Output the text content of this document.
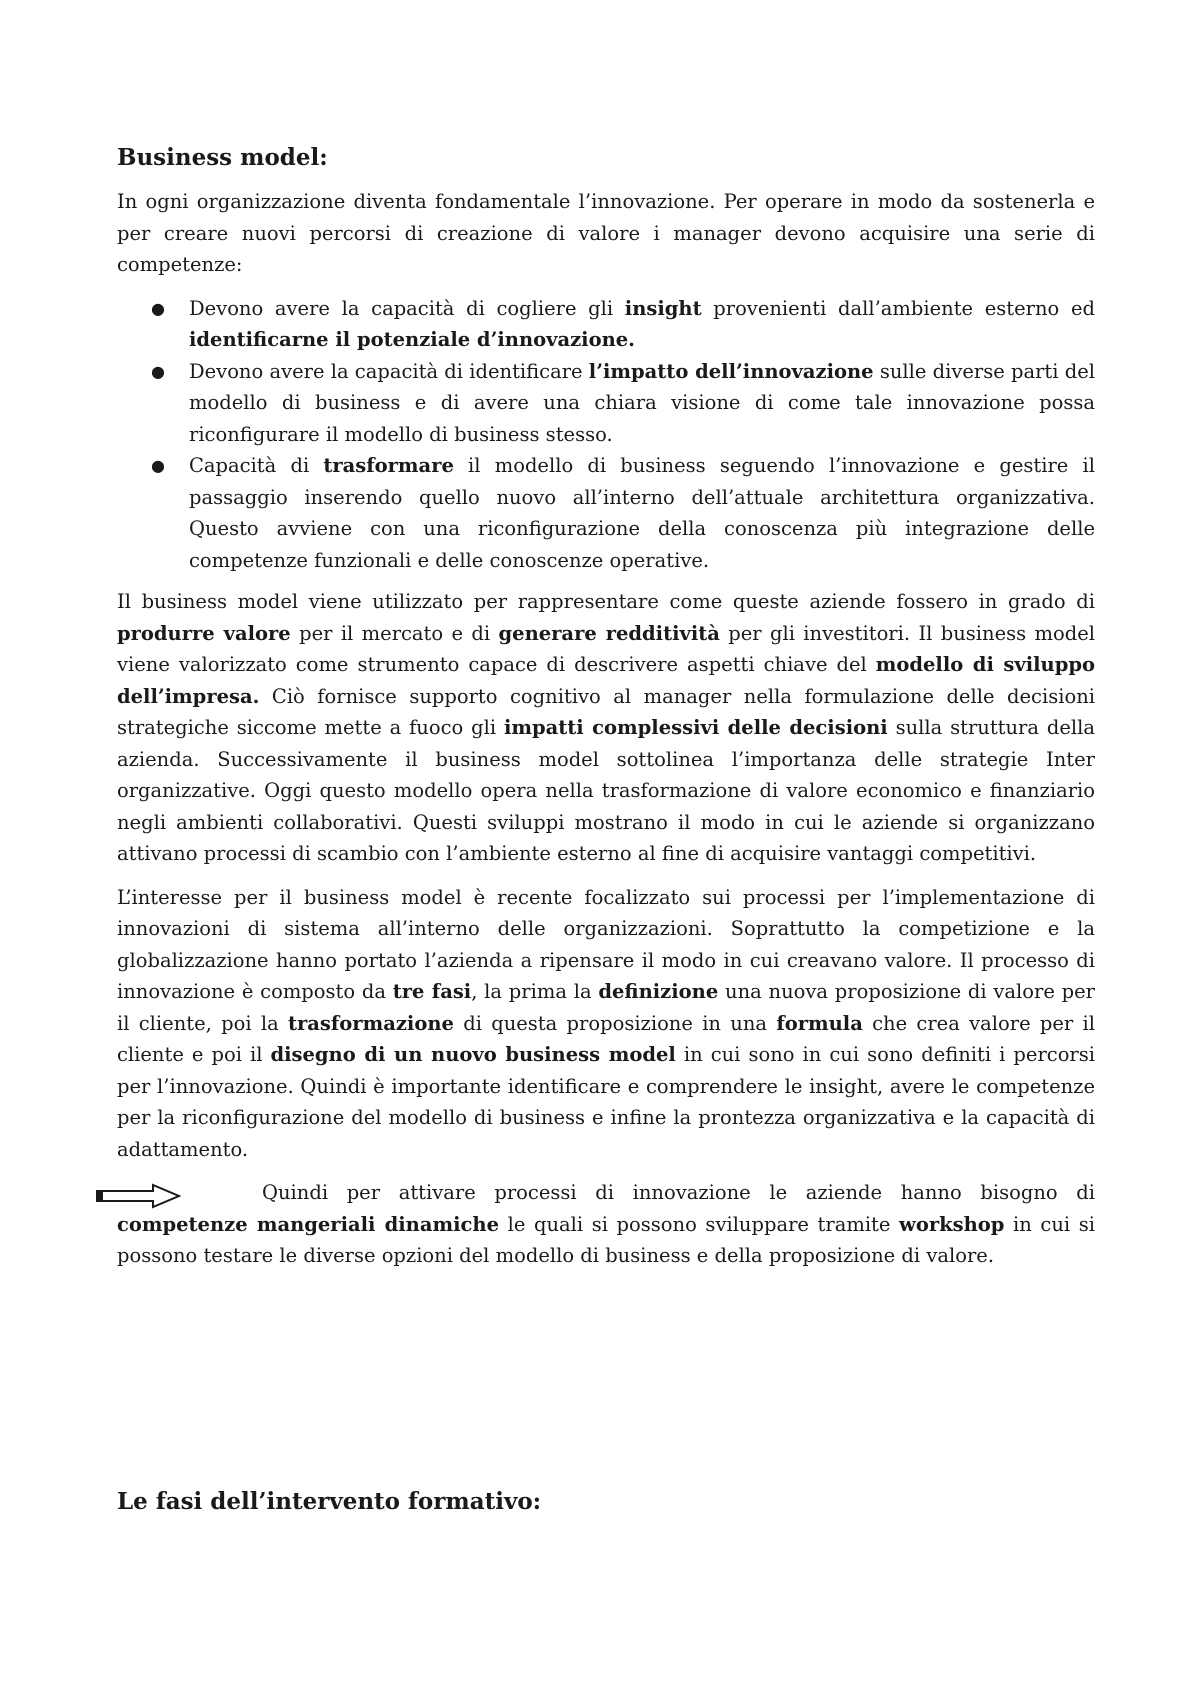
Business model:

In ogni organizzazione diventa fondamentale l’innovazione. Per operare in modo da sostenerla e per creare nuovi percorsi di creazione di valore i manager devono acquisire una serie di competenze:

● Devono avere la capacità di cogliere gli insight provenienti dall’ambiente esterno ed identificarne il potenziale d’innovazione.
● Devono avere la capacità di identificare l’impatto dell’innovazione sulle diverse parti del modello di business e di avere una chiara visione di come tale innovazione possa riconfigurare il modello di business stesso.
● Capacità di trasformare il modello di business seguendo l’innovazione e gestire il passaggio inserendo quello nuovo all’interno dell’attuale architettura organizzativa. Questo avviene con una riconfigurazione della conoscenza più integrazione delle competenze funzionali e delle conoscenze operative.

Il business model viene utilizzato per rappresentare come queste aziende fossero in grado di produrre valore per il mercato e di generare redditività per gli investitori. Il business model viene valorizzato come strumento capace di descrivere aspetti chiave del modello di sviluppo dell’impresa. Ciò fornisce supporto cognitivo al manager nella formulazione delle decisioni strategiche siccome mette a fuoco gli impatti complessivi delle decisioni sulla struttura della azienda. Successivamente il business model sottolinea l’importanza delle strategie Inter organizzative. Oggi questo modello opera nella trasformazione di valore economico e finanziario negli ambienti collaborativi. Questi sviluppi mostrano il modo in cui le aziende si organizzano attivano processi di scambio con l’ambiente esterno al fine di acquisire vantaggi competitivi.

L’interesse per il business model è recente focalizzato sui processi per l’implementazione di innovazioni di sistema all’interno delle organizzazioni. Soprattutto la competizione e la globalizzazione hanno portato l’azienda a ripensare il modo in cui creavano valore. Il processo di innovazione è composto da tre fasi, la prima la definizione una nuova proposizione di valore per il cliente, poi la trasformazione di questa proposizione in una formula che crea valore per il cliente e poi il disegno di un nuovo business model in cui sono in cui sono definiti i percorsi per l’innovazione. Quindi è importante identificare e comprendere le insight, avere le competenze per la riconfigurazione del modello di business e infine la prontezza organizzativa e la capacità di adattamento.

Quindi per attivare processi di innovazione le aziende hanno bisogno di competenze mangeriali dinamiche le quali si possono sviluppare tramite workshop in cui si possono testare le diverse opzioni del modello di business e della proposizione di valore.

Le fasi dell’intervento formativo:
